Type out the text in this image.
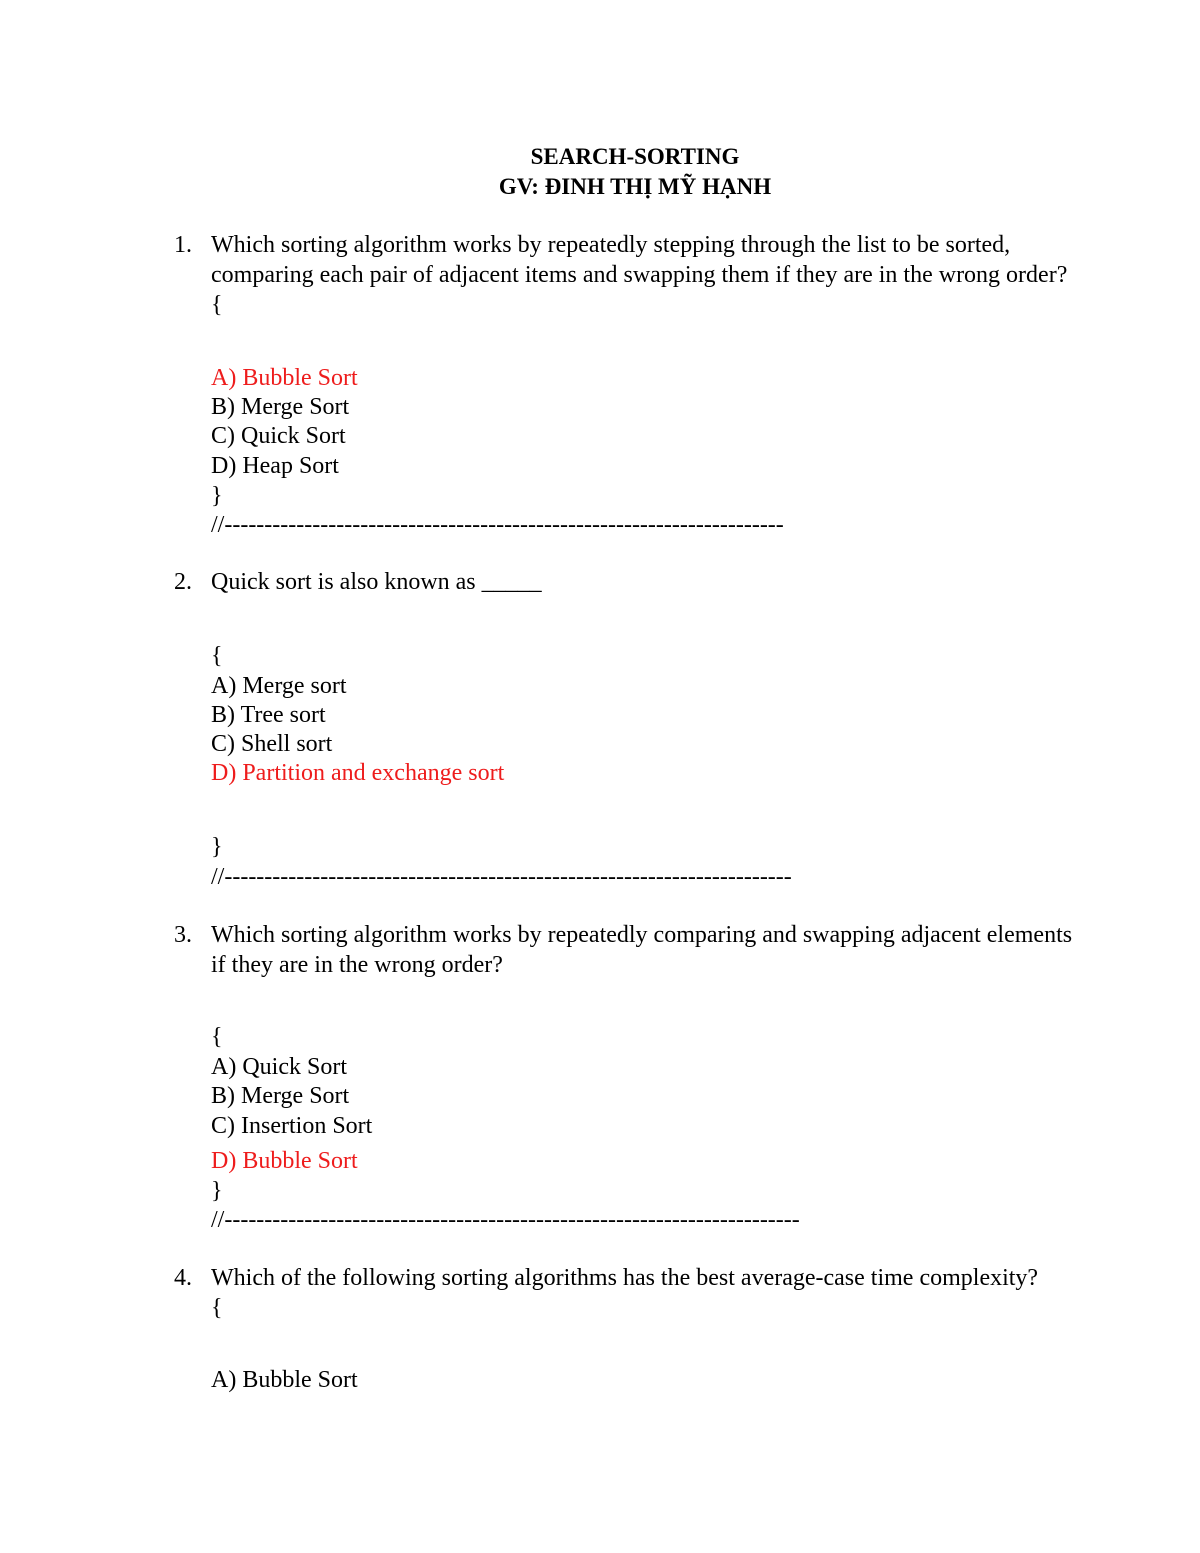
SEARCH-SORTING
GV: ĐINH THỊ MỸ HẠNH
1. Which sorting algorithm works by repeatedly stepping through the list to be sorted,
comparing each pair of adjacent items and swapping them if they are in the wrong order?
{
A) Bubble Sort
B) Merge Sort
C) Quick Sort
D) Heap Sort
}
//----------------------------------------------------------------------
2. Quick sort is also known as _____
{
A) Merge sort
B) Tree sort
C) Shell sort
D) Partition and exchange sort
}
//-----------------------------------------------------------------------
3. Which sorting algorithm works by repeatedly comparing and swapping adjacent elements
if they are in the wrong order?
{
A) Quick Sort
B) Merge Sort
C) Insertion Sort
D) Bubble Sort
}
//------------------------------------------------------------------------
4. Which of the following sorting algorithms has the best average-case time complexity?
{
A) Bubble Sort
